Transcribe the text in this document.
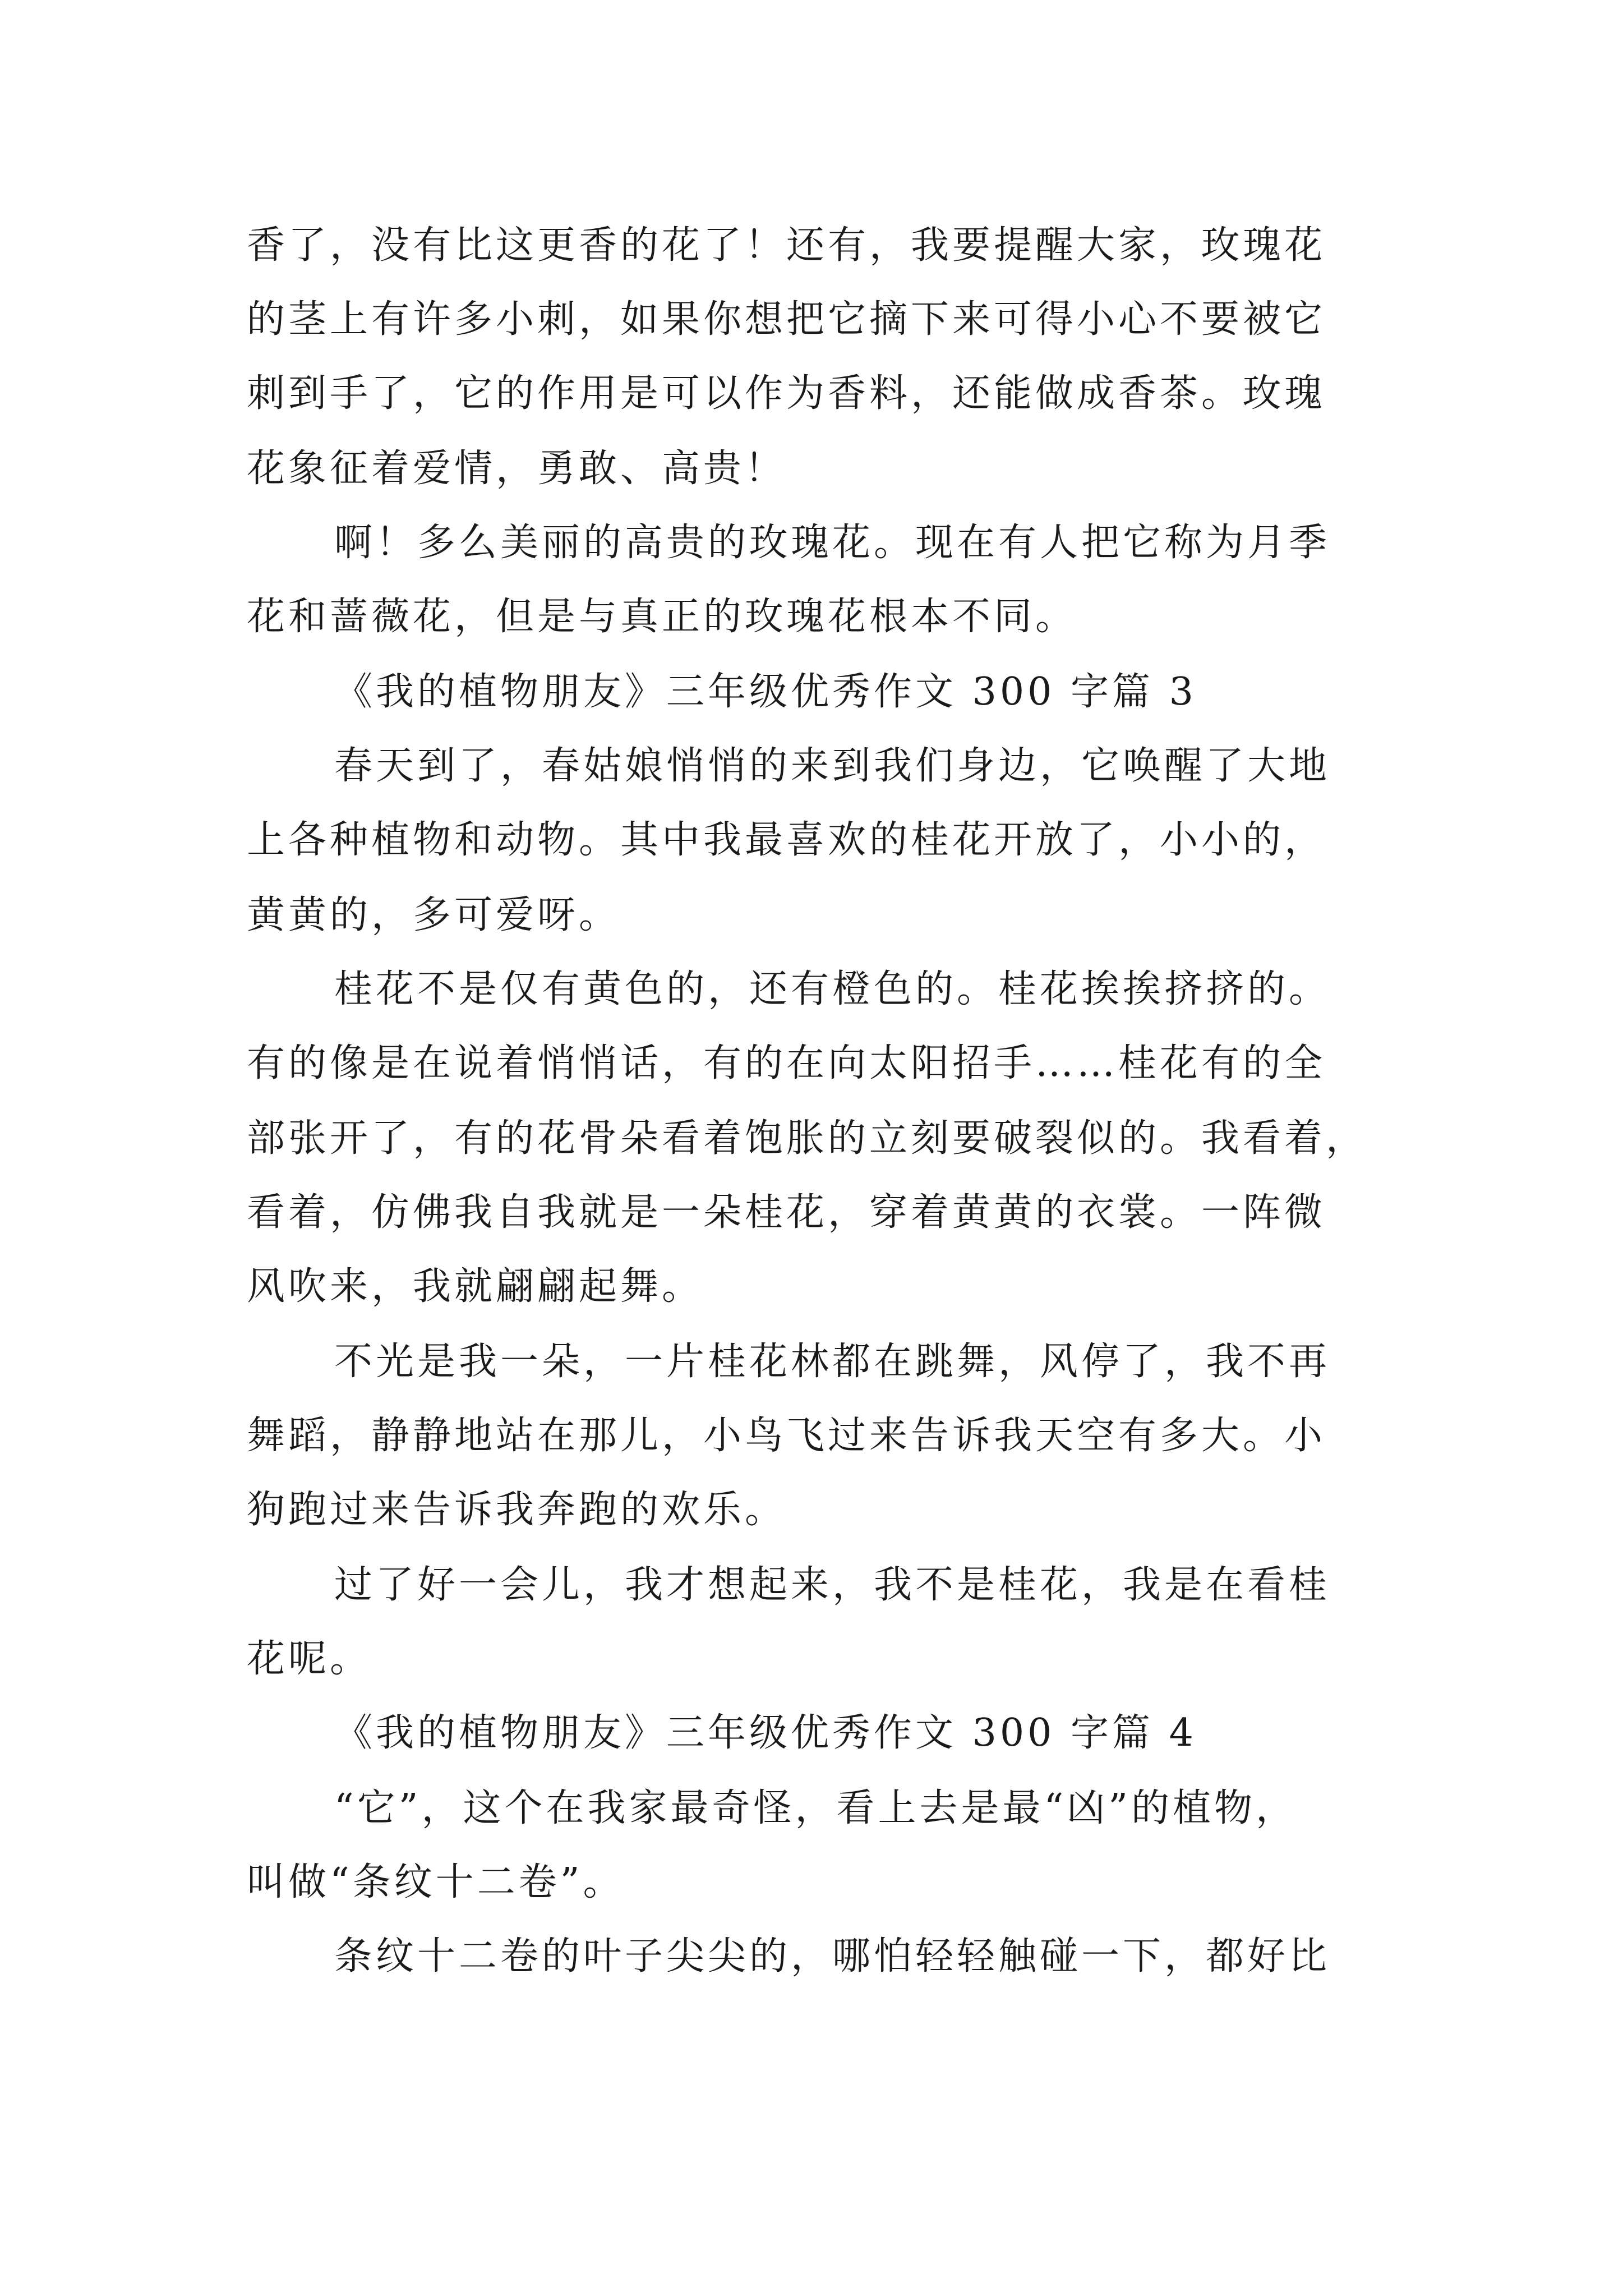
香了，没有比这更香的花了！还有，我要提醒大家，玫瑰花
的茎上有许多小刺，如果你想把它摘下来可得小心不要被它
刺到手了，它的作用是可以作为香料，还能做成香茶。玫瑰
花象征着爱情，勇敢、高贵！
啊！多么美丽的高贵的玫瑰花。现在有人把它称为月季
花和蔷薇花，但是与真正的玫瑰花根本不同。
《我的植物朋友》三年级优秀作文 300 字篇 3
春天到了，春姑娘悄悄的来到我们身边，它唤醒了大地
上各种植物和动物。其中我最喜欢的桂花开放了，小小的，
黄黄的，多可爱呀。
桂花不是仅有黄色的，还有橙色的。桂花挨挨挤挤的。
有的像是在说着悄悄话，有的在向太阳招手……桂花有的全
部张开了，有的花骨朵看着饱胀的立刻要破裂似的。我看着，
看着，仿佛我自我就是一朵桂花，穿着黄黄的衣裳。一阵微
风吹来，我就翩翩起舞。
不光是我一朵，一片桂花林都在跳舞，风停了，我不再
舞蹈，静静地站在那儿，小鸟飞过来告诉我天空有多大。小
狗跑过来告诉我奔跑的欢乐。
过了好一会儿，我才想起来，我不是桂花，我是在看桂
花呢。
《我的植物朋友》三年级优秀作文 300 字篇 4
“它”，这个在我家最奇怪，看上去是最“凶”的植物，
叫做“条纹十二卷”。
条纹十二卷的叶子尖尖的，哪怕轻轻触碰一下，都好比
